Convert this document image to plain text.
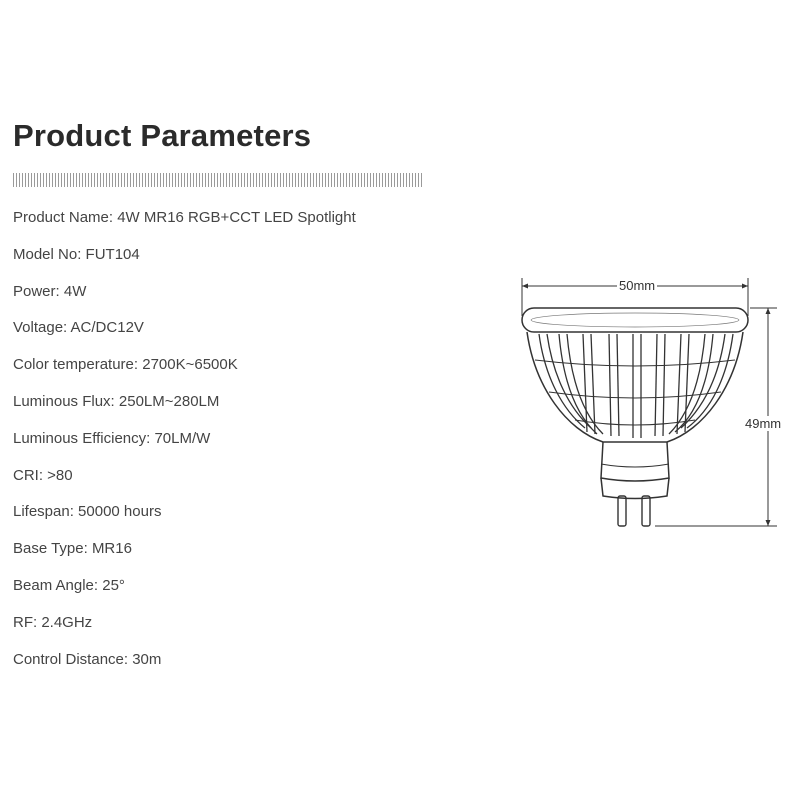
Product Parameters
Product Name: 4W MR16 RGB+CCT LED Spotlight
Model No: FUT104
Power: 4W
Voltage: AC/DC12V
Color temperature: 2700K~6500K
Luminous Flux: 250LM~280LM
Luminous Efficiency: 70LM/W
CRI: >80
Lifespan: 50000 hours
Base Type: MR16
Beam Angle: 25°
RF: 2.4GHz
Control Distance: 30m
50mm
49mm
